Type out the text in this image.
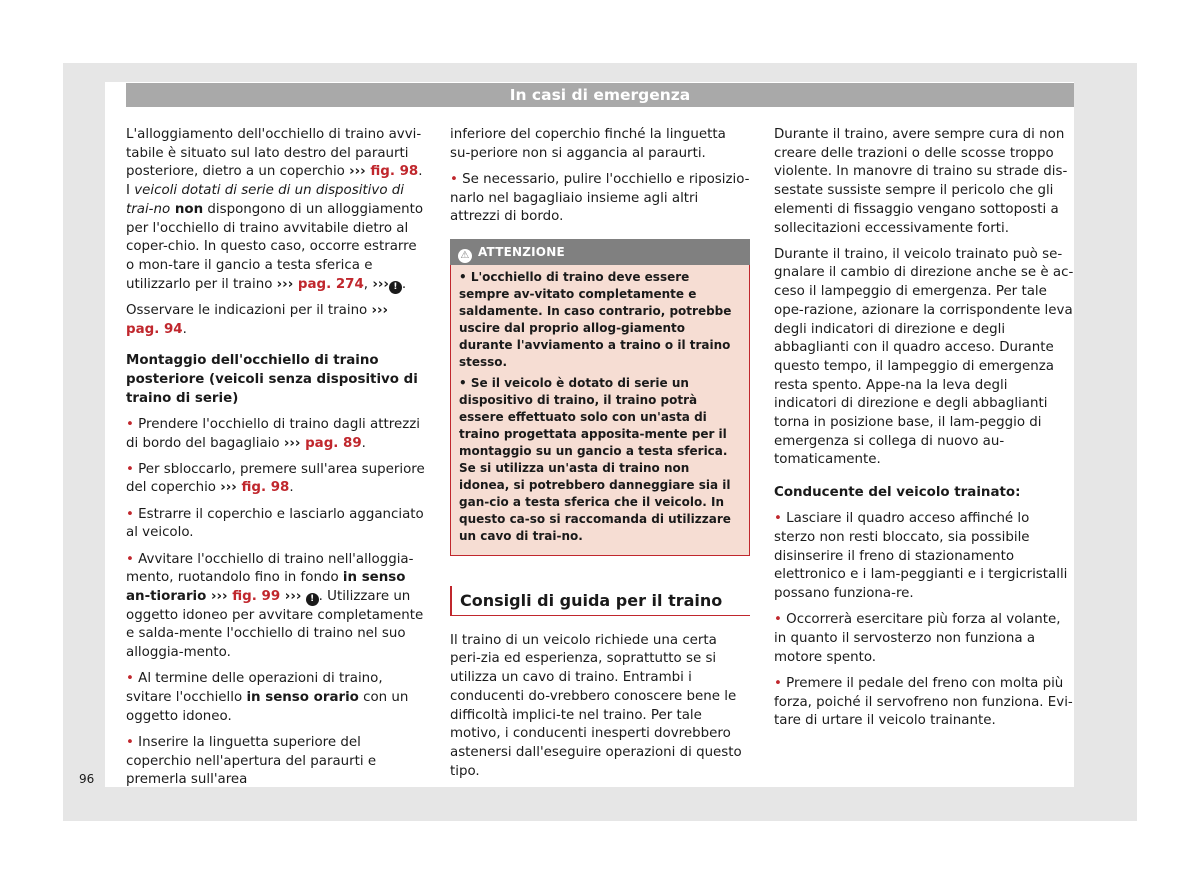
In casi di emergenza

L'alloggiamento dell'occhiello di traino avvi-tabile è situato sul lato destro del paraurti posteriore, dietro a un coperchio ››› fig. 98. I veicoli dotati di serie di un dispositivo di trai-no non dispongono di un alloggiamento per l'occhiello di traino avvitabile dietro al coper-chio. In questo caso, occorre estrarre o mon-tare il gancio a testa sferica e utilizzarlo per il traino ››› pag. 274, ››› ! .

Osservare le indicazioni per il traino ››› pag. 94.

Montaggio dell'occhiello di traino posteriore (veicoli senza dispositivo di traino di serie)

• Prendere l'occhiello di traino dagli attrezzi di bordo del bagagliaio ››› pag. 89.

• Per sbloccarlo, premere sull'area superiore del coperchio ››› fig. 98.

• Estrarre il coperchio e lasciarlo agganciato al veicolo.

• Avvitare l'occhiello di traino nell'alloggia-mento, ruotandolo fino in fondo in senso an-tiorario ››› fig. 99 ››› ! . Utilizzare un oggetto idoneo per avvitare completamente e salda-mente l'occhiello di traino nel suo alloggia-mento.

• Al termine delle operazioni di traino, svitare l'occhiello in senso orario con un oggetto idoneo.

• Inserire la linguetta superiore del coperchio nell'apertura del paraurti e premerla sull'area

inferiore del coperchio finché la linguetta su-periore non si aggancia al paraurti.

• Se necessario, pulire l'occhiello e riposizio-narlo nel bagagliaio insieme agli altri attrezzi di bordo.

⚠ ATTENZIONE

• L'occhiello di traino deve essere sempre av-vitato completamente e saldamente. In caso contrario, potrebbe uscire dal proprio allog-giamento durante l'avviamento a traino o il traino stesso.

• Se il veicolo è dotato di serie un dispositivo di traino, il traino potrà essere effettuato solo con un'asta di traino progettata apposita-mente per il montaggio su un gancio a testa sferica. Se si utilizza un'asta di traino non idonea, si potrebbero danneggiare sia il gan-cio a testa sferica che il veicolo. In questo ca-so si raccomanda di utilizzare un cavo di trai-no.

Consigli di guida per il traino

Il traino di un veicolo richiede una certa peri-zia ed esperienza, soprattutto se si utilizza un cavo di traino. Entrambi i conducenti do-vrebbero conoscere bene le difficoltà implici-te nel traino. Per tale motivo, i conducenti inesperti dovrebbero astenersi dall'eseguire operazioni di questo tipo.

Durante il traino, avere sempre cura di non creare delle trazioni o delle scosse troppo violente. In manovre di traino su strade dis-sestate sussiste sempre il pericolo che gli elementi di fissaggio vengano sottoposti a sollecitazioni eccessivamente forti.

Durante il traino, il veicolo trainato può se-gnalare il cambio di direzione anche se è ac-ceso il lampeggio di emergenza. Per tale ope-razione, azionare la corrispondente leva degli indicatori di direzione e degli abbaglianti con il quadro acceso. Durante questo tempo, il lampeggio di emergenza resta spento. Appe-na la leva degli indicatori di direzione e degli abbaglianti torna in posizione base, il lam-peggio di emergenza si collega di nuovo au-tomaticamente.

Conducente del veicolo trainato:

• Lasciare il quadro acceso affinché lo sterzo non resti bloccato, sia possibile disinserire il freno di stazionamento elettronico e i lam-peggianti e i tergicristalli possano funziona-re.

• Occorrerà esercitare più forza al volante, in quanto il servosterzo non funziona a motore spento.

• Premere il pedale del freno con molta più forza, poiché il servofreno non funziona. Evi-tare di urtare il veicolo trainante.

96
